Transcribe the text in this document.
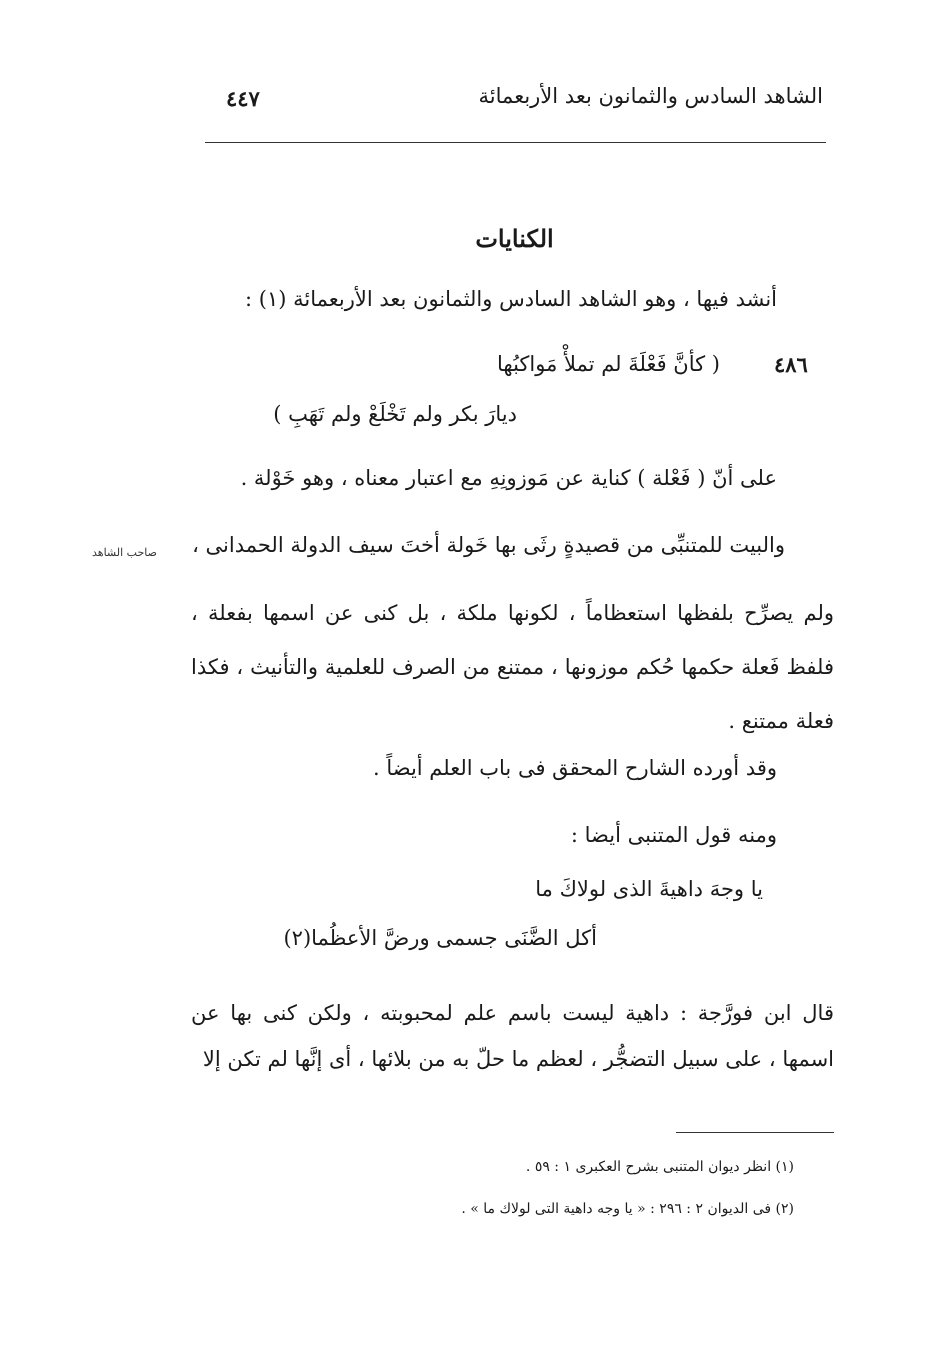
الشاهد السادس والثمانون بعد الأربعمائة
٤٤٧
الكنايات
أنشد فيها ، وهو الشاهد السادس والثمانون بعد الأربعمائة (١) :
٤٨٦
( كأنَّ فَعْلَةَ لم تملأْ مَواكبُها
ديارَ بكر ولم تَخْلَعْ ولم تَهَبِ )
على أنّ ( فَعْلة ) كناية عن مَوزونِهِ مع اعتبار معناه ، وهو خَوْلة .
والبيت للمتنبِّى من قصيدةٍ رثَى بها خَولة أختَ سيف الدولة الحمدانى ،
صاحب الشاهد
ولم يصرِّح بلفظها استعظاماً ، لكونها ملكة ، بل كنى عن اسمها بفعلة ، فلفظ فَعلة حكمها حُكم موزونها ، ممتنع من الصرف للعلمية والتأنيث ، فكذا فعلة ممتنع .
وقد أورده الشارح المحقق فى باب العلم أيضاً .
ومنه قول المتنبى أيضا :
يا وجهَ داهيةَ الذى لولاكَ ما
أكل الضَّنَى جسمى ورضَّ الأعظُما(٢)
قال ابن فورَّجة : داهية ليست باسم علم لمحبوبته ، ولكن كنى بها عن اسمها ، على سبيل التضجُّر ، لعظم ما حلّ به من بلائها ، أى إنَّها لم تكن إلا
(١) انظر ديوان المتنبى بشرح العكبرى ١ : ٥٩ .
(٢) فى الديوان ٢ : ٢٩٦ : « يا وجه داهية التى لولاك ما » .
